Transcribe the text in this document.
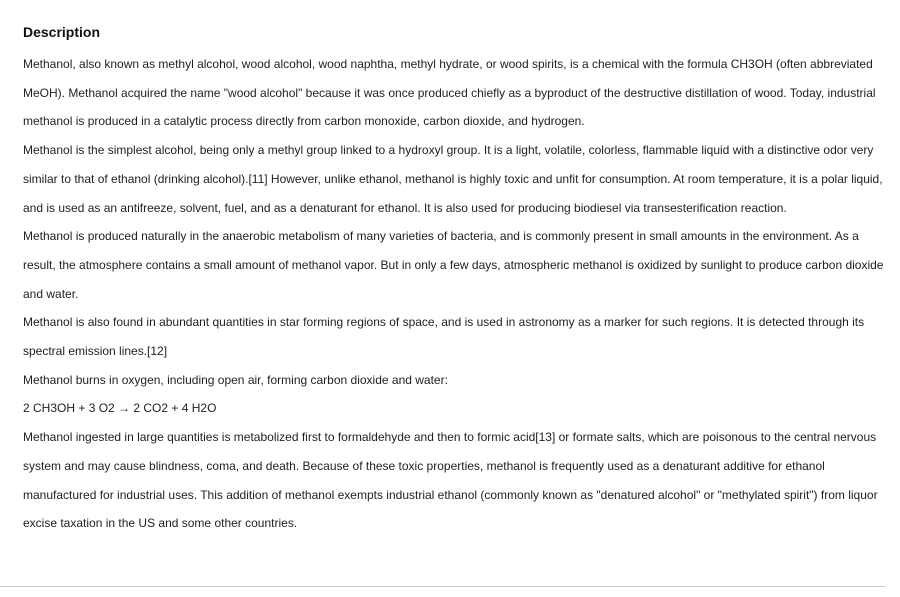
Description

Methanol, also known as methyl alcohol, wood alcohol, wood naphtha, methyl hydrate, or wood spirits, is a chemical with the formula CH3OH (often abbreviated MeOH). Methanol acquired the name "wood alcohol" because it was once produced chiefly as a byproduct of the destructive distillation of wood. Today, industrial methanol is produced in a catalytic process directly from carbon monoxide, carbon dioxide, and hydrogen.

Methanol is the simplest alcohol, being only a methyl group linked to a hydroxyl group. It is a light, volatile, colorless, flammable liquid with a distinctive odor very similar to that of ethanol (drinking alcohol).[11] However, unlike ethanol, methanol is highly toxic and unfit for consumption. At room temperature, it is a polar liquid, and is used as an antifreeze, solvent, fuel, and as a denaturant for ethanol. It is also used for producing biodiesel via transesterification reaction.

Methanol is produced naturally in the anaerobic metabolism of many varieties of bacteria, and is commonly present in small amounts in the environment. As a result, the atmosphere contains a small amount of methanol vapor. But in only a few days, atmospheric methanol is oxidized by sunlight to produce carbon dioxide and water.

Methanol is also found in abundant quantities in star forming regions of space, and is used in astronomy as a marker for such regions. It is detected through its spectral emission lines.[12]

Methanol burns in oxygen, including open air, forming carbon dioxide and water:

2 CH3OH + 3 O2 → 2 CO2 + 4 H2O

Methanol ingested in large quantities is metabolized first to formaldehyde and then to formic acid[13] or formate salts, which are poisonous to the central nervous system and may cause blindness, coma, and death. Because of these toxic properties, methanol is frequently used as a denaturant additive for ethanol manufactured for industrial uses. This addition of methanol exempts industrial ethanol (commonly known as "denatured alcohol" or "methylated spirit") from liquor excise taxation in the US and some other countries.
